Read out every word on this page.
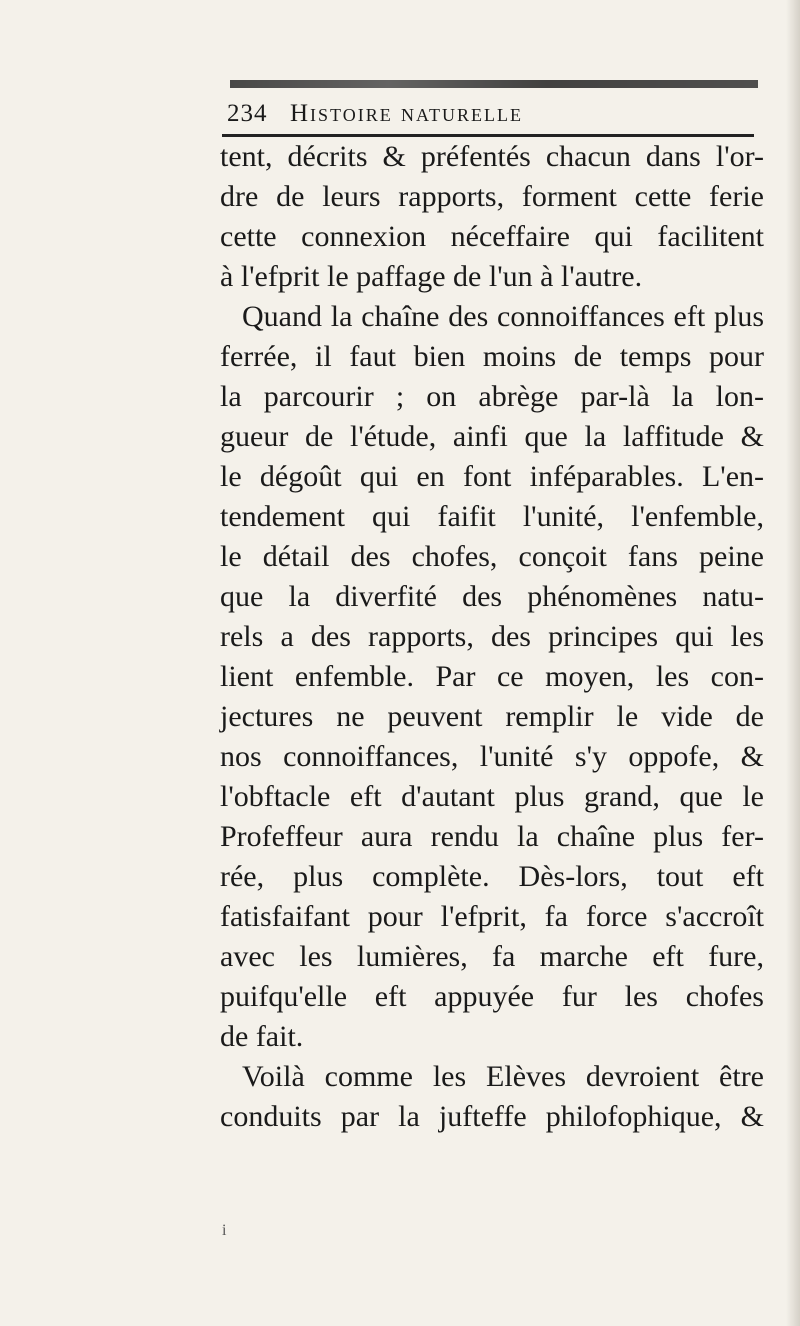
234 Histoire naturelle
tent, décrits & préfentés chacun dans l'or-
dre de leurs rapports, forment cette ferie
cette connexion néceffaire qui facilitent
à l'efprit le paffage de l'un à l'autre.
Quand la chaîne des connoiffances eft plus
ferrée, il faut bien moins de temps pour
la parcourir ; on abrège par-là la lon-
gueur de l'étude, ainfi que la laffitude &
le dégoût qui en font inféparables. L'en-
tendement qui faifit l'unité, l'enfemble,
le détail des chofes, conçoit fans peine
que la diverfité des phénomènes natu-
rels a des rapports, des principes qui les
lient enfemble. Par ce moyen, les con-
jectures ne peuvent remplir le vide de
nos connoiffances, l'unité s'y oppofe, &
l'obftacle eft d'autant plus grand, que le
Profeffeur aura rendu la chaîne plus fer-
rée, plus complète. Dès-lors, tout eft
fatisfaifant pour l'efprit, fa force s'accroît
avec les lumières, fa marche eft fure,
puifqu'elle eft appuyée fur les chofes
de fait.
Voilà comme les Elèves devroient être
conduits par la jufteffe philofophique, &
i
